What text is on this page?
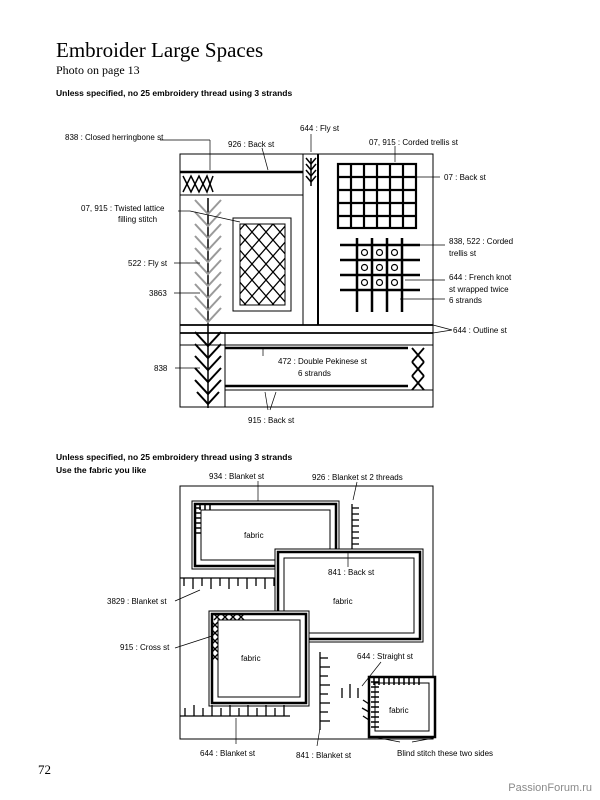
Embroider Large Spaces
Photo on page 13
Unless specified, no 25 embroidery thread using 3 strands
Unless specified, no 25 embroidery thread using 3 strands
Use the fabric you like
72
PassionForum.ru
838 : Closed herringbone st
926 : Back st
644 : Fly st
07, 915 : Corded trellis st
07 : Back st
07, 915 : Twisted lattice
filling stitch
522 : Fly st
3863
838, 522 : Corded
trellis st
644 : French knot
st wrapped twice
6 strands
644 : Outline st
838
472 : Double Pekinese st
6 strands
915 : Back st
fabric
fabric
fabric
fabric
934 : Blanket st	926 : Blanket st 2 threads
841 : Back st
3829 : Blanket st
915 : Cross st
644 : Straight st
644 : Blanket st	841 : Blanket st	Blind stitch these two sides
